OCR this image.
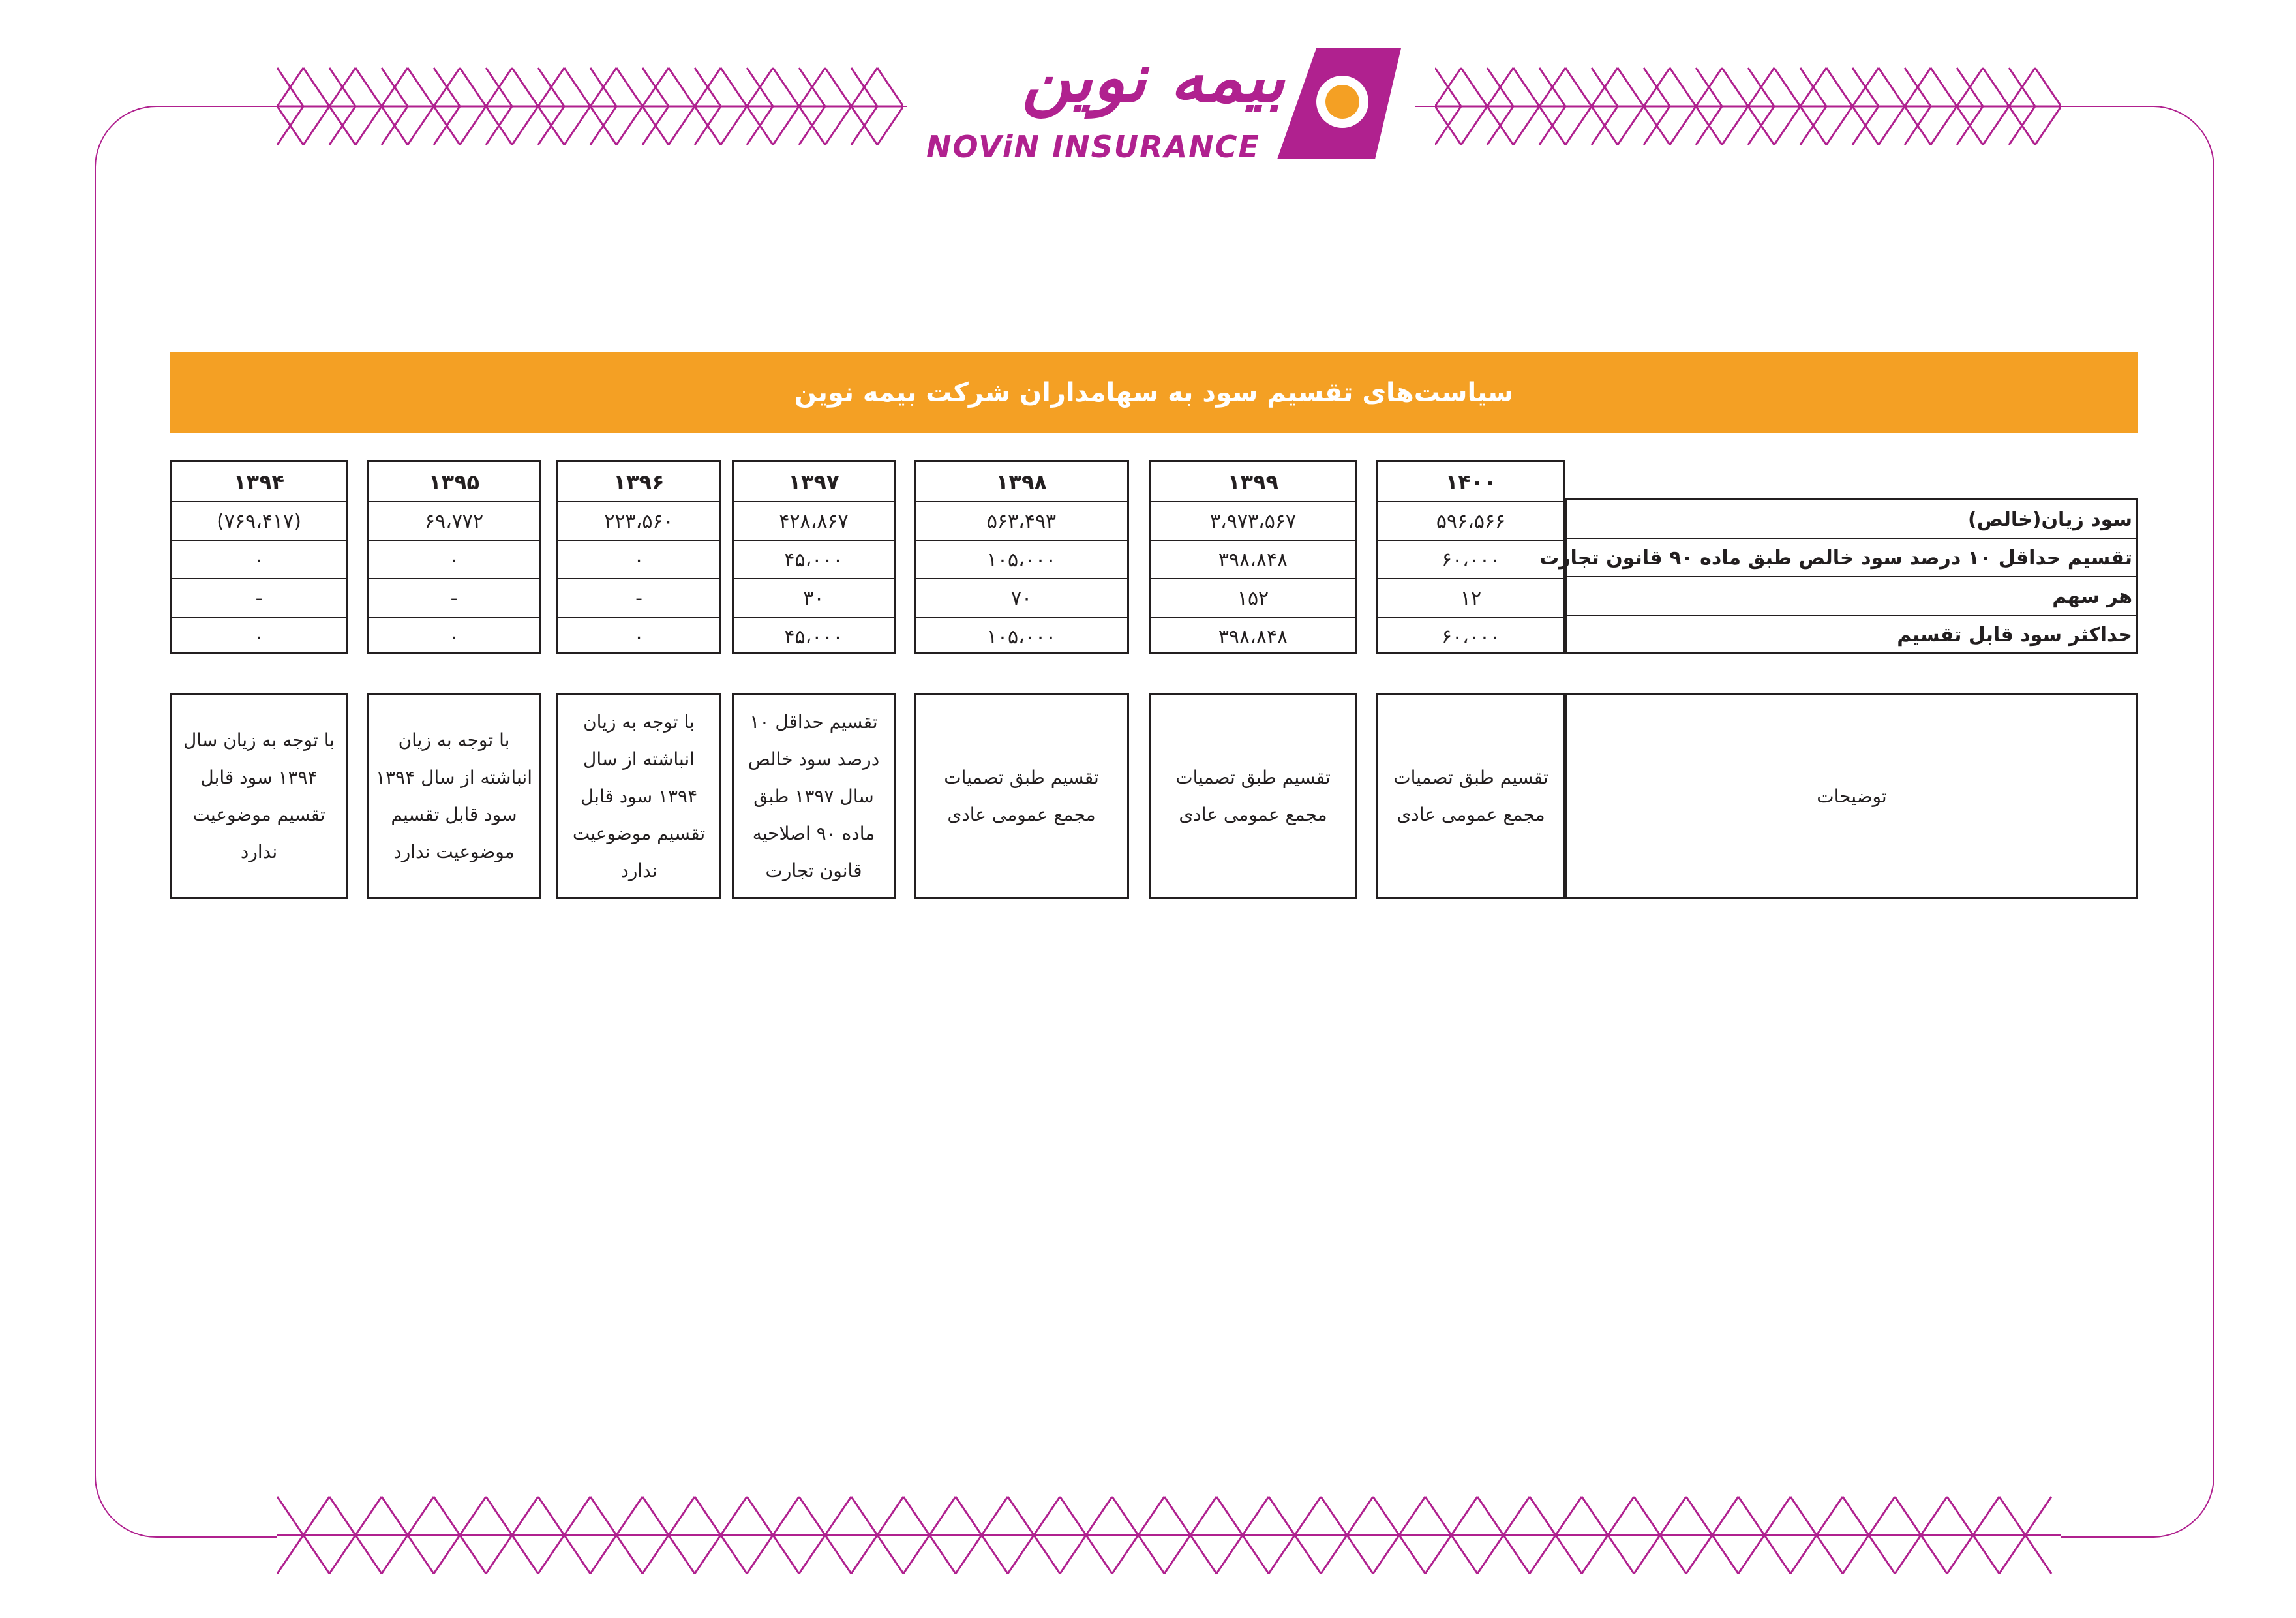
بیمه نوین
NOViN INSURANCE
سیاست‌های تقسیم سود به سهامداران شرکت بیمه نوین
۱۴۰۰
۵۹۶،۵۶۶
۶۰،۰۰۰
۱۲
۶۰،۰۰۰
تقسیم طبق تصمیات مجمع عمومی عادی
۱۳۹۹
۳،۹۷۳،۵۶۷
۳۹۸،۸۴۸
۱۵۲
۳۹۸،۸۴۸
تقسیم طبق تصمیات مجمع عمومی عادی
۱۳۹۸
۵۶۳،۴۹۳
۱۰۵،۰۰۰
۷۰
۱۰۵،۰۰۰
تقسیم طبق تصمیات مجمع عمومی عادی
۱۳۹۷
۴۲۸،۸۶۷
۴۵،۰۰۰
۳۰
۴۵،۰۰۰
تقسیم حداقل ۱۰ درصد سود خالص سال ۱۳۹۷ طبق ماده ۹۰ اصلاحیه قانون تجارت
۱۳۹۶
۲۲۳،۵۶۰
۰
-
۰
با توجه به زیان انباشته از سال ۱۳۹۴ سود قابل تقسیم موضوعیت ندارد
۱۳۹۵
۶۹،۷۷۲
۰
-
۰
با توجه به زیان انباشته از سال ۱۳۹۴ سود قابل تقسیم موضوعیت ندارد
۱۳۹۴
(۷۶۹،۴۱۷)
۰
-
۰
با توجه به زیان سال ۱۳۹۴ سود قابل تقسیم موضوعیت ندارد
سود زیان(خالص)
تقسیم حداقل ۱۰ درصد سود خالص طبق ماده ۹۰ قانون تجارت
هر سهم
حداکثر سود قابل تقسیم
توضیحات
